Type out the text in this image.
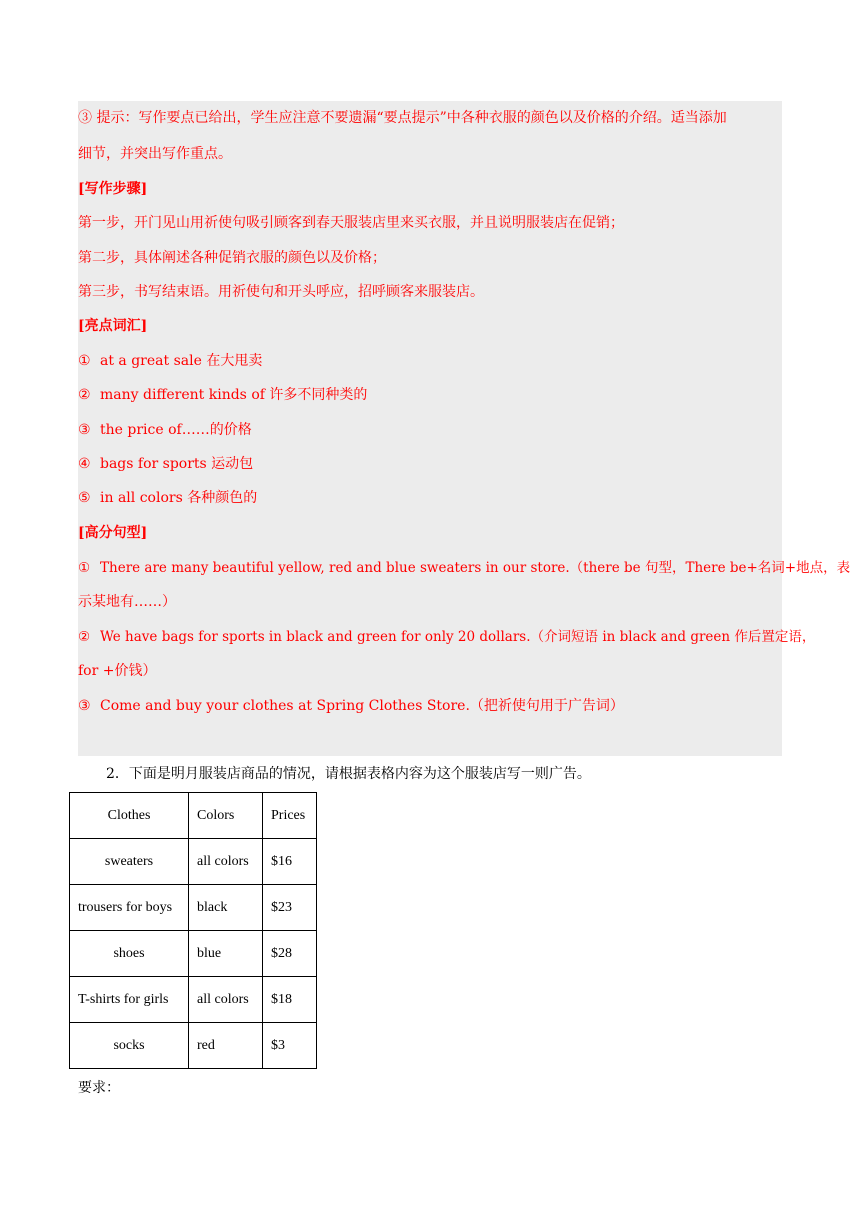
③ 提示：写作要点已给出，学生应注意不要遗漏“要点提示”中各种衣服的颜色以及价格的介绍。适当添加
细节，并突出写作重点。
[写作步骤]
第一步，开门见山用祈使句吸引顾客到春天服装店里来买衣服，并且说明服装店在促销；
第二步，具体阐述各种促销衣服的颜色以及价格；
第三步，书写结束语。用祈使句和开头呼应，招呼顾客来服装店。
[亮点词汇]
① at a great sale 在大甩卖
② many different kinds of 许多不同种类的
③ the price of……的价格
④ bags for sports 运动包
⑤ in all colors 各种颜色的
[高分句型]
① There are many beautiful yellow, red and blue sweaters in our store.（there be 句型，There be+名词+地点，表
示某地有……）
② We have bags for sports in black and green for only 20 dollars.（介词短语 in black and green 作后置定语，
for +价钱）
③ Come and buy your clothes at Spring Clothes Store.（把祈使句用于广告词）
2．下面是明月服装店商品的情况，请根据表格内容为这个服装店写一则广告。
Clothes	Colors	Prices
sweaters	all colors	$16
trousers for boys	black	$23
shoes	blue	$28
T-shirts for girls	all colors	$18
socks	red	$3
要求：
